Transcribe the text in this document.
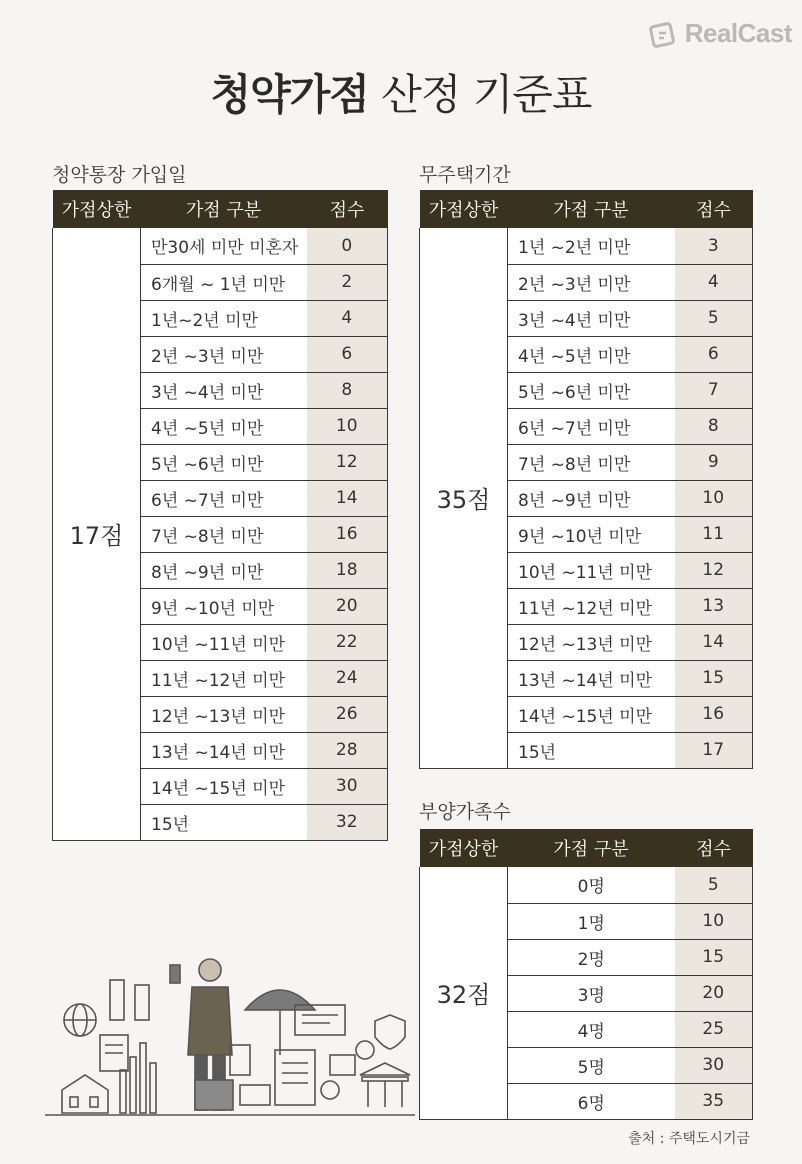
RealCast
청약가점 산정 기준표
청약통장 가입일	무주택기간
부양가족수
가점상한	가점 구분	점수
17점	만30세 미만 미혼자	0
	6개월 ~ 1년 미만	2
	1년~2년 미만	4
	2년 ~3년 미만	6
	3년 ~4년 미만	8
	4년 ~5년 미만	10
	5년 ~6년 미만	12
	6년 ~7년 미만	14
	7년 ~8년 미만	16
	8년 ~9년 미만	18
	9년 ~10년 미만	20
	10년 ~11년 미만	22
	11년 ~12년 미만	24
	12년 ~13년 미만	26
	13년 ~14년 미만	28
	14년 ~15년 미만	30
	15년	32
가점상한	가점 구분	점수
35점	1년 ~2년 미만	3
	2년 ~3년 미만	4
	3년 ~4년 미만	5
	4년 ~5년 미만	6
	5년 ~6년 미만	7
	6년 ~7년 미만	8
	7년 ~8년 미만	9
	8년 ~9년 미만	10
	9년 ~10년 미만	11
	10년 ~11년 미만	12
	11년 ~12년 미만	13
	12년 ~13년 미만	14
	13년 ~14년 미만	15
	14년 ~15년 미만	16
	15년	17
가점상한	가점 구분	점수
32점	0명	5
	1명	10
	2명	15
	3명	20
	4명	25
	5명	30
	6명	35
출처 : 주택도시기금
